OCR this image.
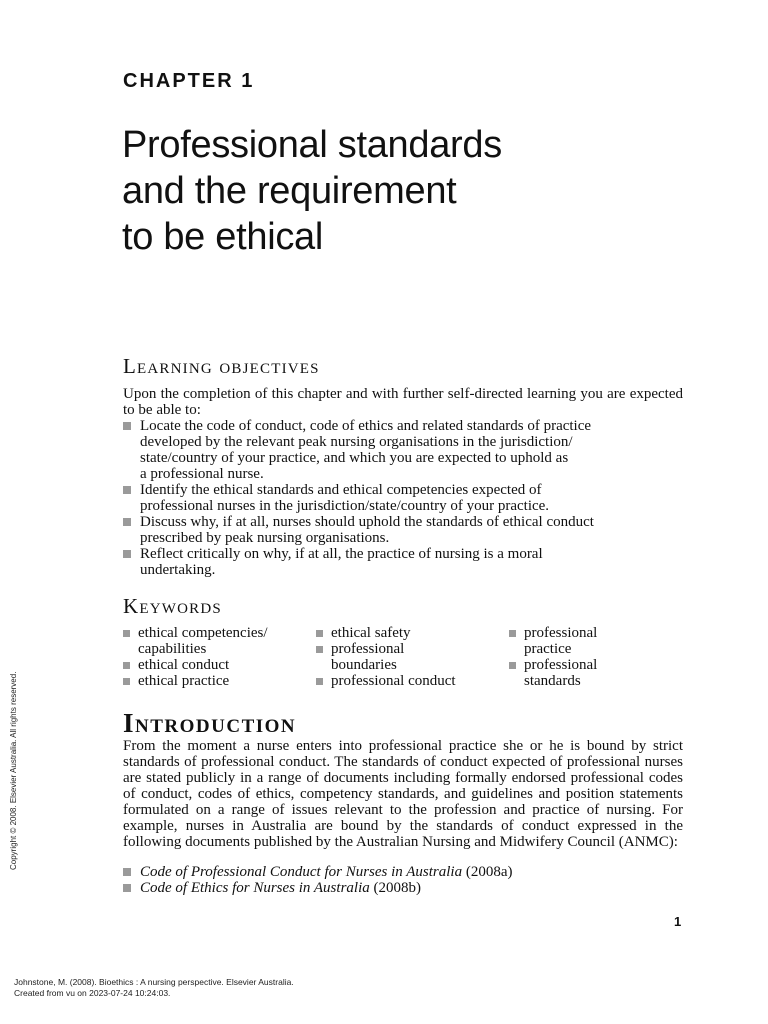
CHAPTER 1
Professional standards
and the requirement
to be ethical
Learning objectives

Upon the completion of this chapter and with further self-directed learning you are expected to be able to:

Locate the code of conduct, code of ethics and related standards of practice
developed by the relevant peak nursing organisations in the jurisdiction/
state/country of your practice, and which you are expected to uphold as
a professional nurse.
Identify the ethical standards and ethical competencies expected of
professional nurses in the jurisdiction/state/country of your practice.
Discuss why, if at all, nurses should uphold the standards of ethical conduct
prescribed by peak nursing organisations.
Reflect critically on why, if at all, the practice of nursing is a moral
undertaking.
Keywords
ethical competencies/
capabilities
ethical conduct
ethical practice
ethical safety
professional
boundaries
professional conduct
professional
practice
professional
standards
Introduction

From the moment a nurse enters into professional practice she or he is bound by strict standards of professional conduct. The standards of conduct expected of professional nurses are stated publicly in a range of documents including formally endorsed professional codes of conduct, codes of ethics, competency standards, and guidelines and position statements formulated on a range of issues relevant to the profession and practice of nursing. For example, nurses in Australia are bound by the standards of conduct expressed in the following documents published by the Australian Nursing and Midwifery Council (ANMC):

Code of Professional Conduct for Nurses in Australia (2008a)
Code of Ethics for Nurses in Australia (2008b)
1
Copyright © 2008. Elsevier Australia. All rights reserved.
Johnstone, M. (2008). Bioethics : A nursing perspective. Elsevier Australia.
Created from vu on 2023-07-24 10:24:03.
